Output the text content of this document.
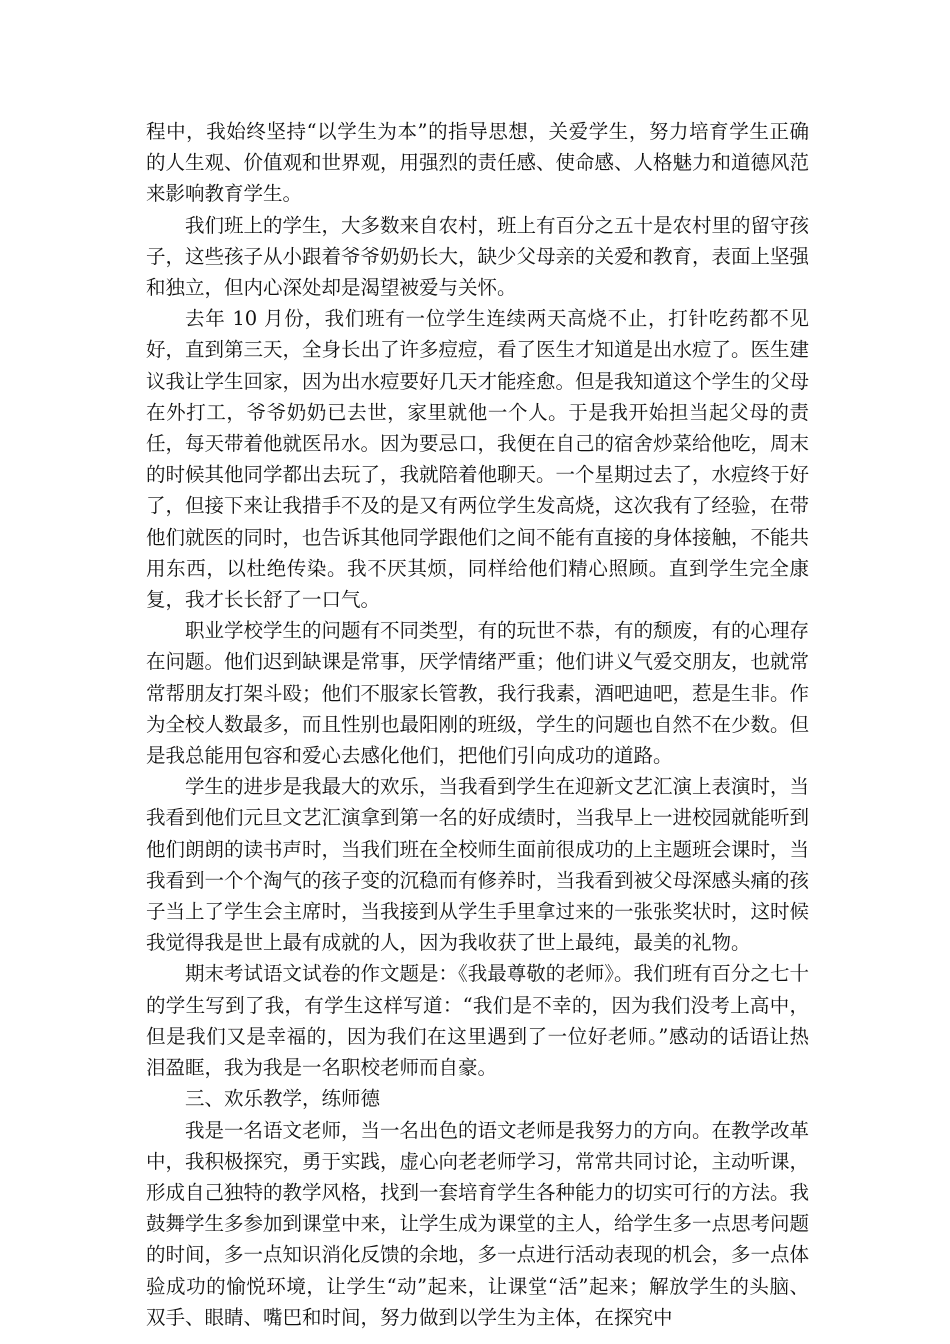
程中，我始终坚持“以学生为本”的指导思想，关爱学生，努力培育学生正确的人生观、价值观和世界观，用强烈的责任感、使命感、人格魅力和道德风范来影响教育学生。

我们班上的学生，大多数来自农村，班上有百分之五十是农村里的留守孩子，这些孩子从小跟着爷爷奶奶长大，缺少父母亲的关爱和教育，表面上坚强和独立，但内心深处却是渴望被爱与关怀。

去年 10 月份，我们班有一位学生连续两天高烧不止，打针吃药都不见好，直到第三天，全身长出了许多痘痘，看了医生才知道是出水痘了。医生建议我让学生回家，因为出水痘要好几天才能痊愈。但是我知道这个学生的父母在外打工，爷爷奶奶已去世，家里就他一个人。于是我开始担当起父母的责任，每天带着他就医吊水。因为要忌口，我便在自己的宿舍炒菜给他吃，周末的时候其他同学都出去玩了，我就陪着他聊天。一个星期过去了，水痘终于好了，但接下来让我措手不及的是又有两位学生发高烧，这次我有了经验，在带他们就医的同时，也告诉其他同学跟他们之间不能有直接的身体接触，不能共用东西，以杜绝传染。我不厌其烦，同样给他们精心照顾。直到学生完全康复，我才长长舒了一口气。

职业学校学生的问题有不同类型，有的玩世不恭，有的颓废，有的心理存在问题。他们迟到缺课是常事，厌学情绪严重；他们讲义气爱交朋友，也就常常帮朋友打架斗殴；他们不服家长管教，我行我素，酒吧迪吧，惹是生非。作为全校人数最多，而且性别也最阳刚的班级，学生的问题也自然不在少数。但是我总能用包容和爱心去感化他们，把他们引向成功的道路。

学生的进步是我最大的欢乐，当我看到学生在迎新文艺汇演上表演时，当我看到他们元旦文艺汇演拿到第一名的好成绩时，当我早上一进校园就能听到他们朗朗的读书声时，当我们班在全校师生面前很成功的上主题班会课时，当我看到一个个淘气的孩子变的沉稳而有修养时，当我看到被父母深感头痛的孩子当上了学生会主席时，当我接到从学生手里拿过来的一张张奖状时，这时候我觉得我是世上最有成就的人，因为我收获了世上最纯，最美的礼物。

期末考试语文试卷的作文题是：《我最尊敬的老师》。我们班有百分之七十的学生写到了我，有学生这样写道：“我们是不幸的，因为我们没考上高中，但是我们又是幸福的，因为我们在这里遇到了一位好老师。”感动的话语让热泪盈眶，我为我是一名职校老师而自豪。

三、欢乐教学，练师德

我是一名语文老师，当一名出色的语文老师是我努力的方向。在教学改革中，我积极探究，勇于实践，虚心向老老师学习，常常共同讨论，主动听课，形成自己独特的教学风格，找到一套培育学生各种能力的切实可行的方法。我鼓舞学生多参加到课堂中来，让学生成为课堂的主人，给学生多一点思考问题的时间，多一点知识消化反馈的余地，多一点进行活动表现的机会，多一点体验成功的愉悦环境，让学生“动”起来，让课堂“活”起来；解放学生的头脑、双手、眼睛、嘴巴和时间，努力做到以学生为主体，在探究中
